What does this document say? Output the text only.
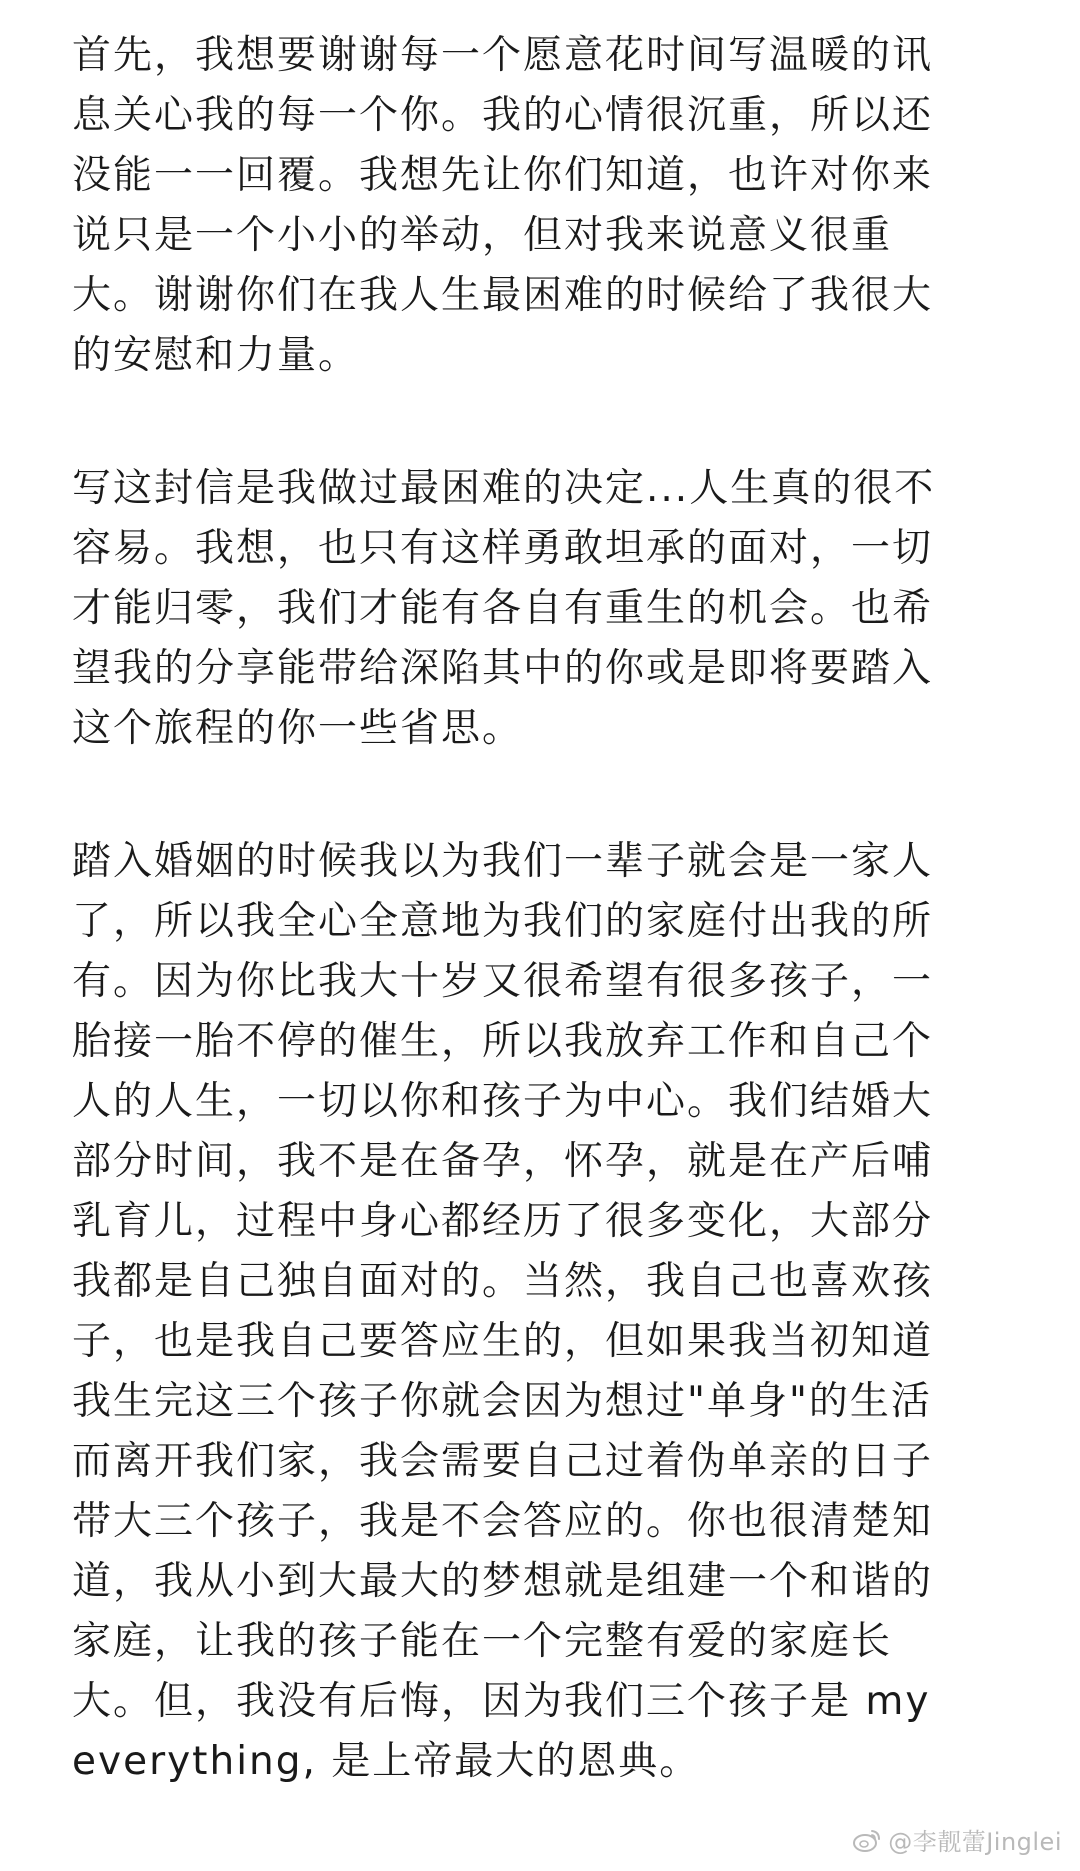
首先，我想要谢谢每一个愿意花时间写温暖的讯
息关心我的每一个你。我的心情很沉重，所以还
没能一一回覆。我想先让你们知道，也许对你来
说只是一个小小的举动，但对我来说意义很重
大。谢谢你们在我人生最困难的时候给了我很大
的安慰和力量。

写这封信是我做过最困难的决定...人生真的很不
容易。我想，也只有这样勇敢坦承的面对，一切
才能归零，我们才能有各自有重生的机会。也希
望我的分享能带给深陷其中的你或是即将要踏入
这个旅程的你一些省思。

踏入婚姻的时候我以为我们一辈子就会是一家人
了，所以我全心全意地为我们的家庭付出我的所
有。因为你比我大十岁又很希望有很多孩子，一
胎接一胎不停的催生，所以我放弃工作和自己个
人的人生，一切以你和孩子为中心。我们结婚大
部分时间，我不是在备孕，怀孕，就是在产后哺
乳育儿，过程中身心都经历了很多变化，大部分
我都是自己独自面对的。当然，我自己也喜欢孩
子，也是我自己要答应生的，但如果我当初知道
我生完这三个孩子你就会因为想过"单身"的生活
而离开我们家，我会需要自己过着伪单亲的日子
带大三个孩子，我是不会答应的。你也很清楚知
道，我从小到大最大的梦想就是组建一个和谐的
家庭，让我的孩子能在一个完整有爱的家庭长
大。但，我没有后悔，因为我们三个孩子是 my
everything, 是上帝最大的恩典。

@李靓蕾Jinglei
